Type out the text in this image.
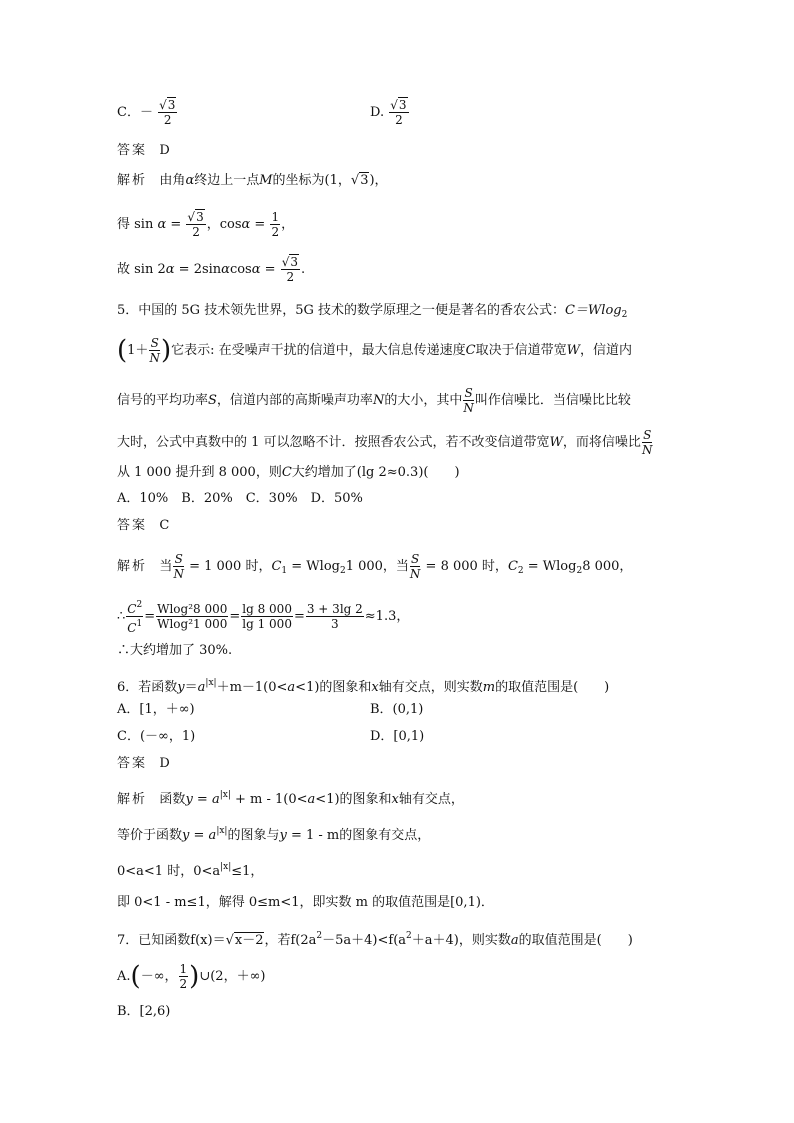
C．－ $\frac{√3}{2}$	D. $\frac{√3}{2}$
答案 D
解析 由角α终边上一点M的坐标为(1，√3)，
得 $\sin \alpha = \frac{√3}{2}$ ，$\cos\alpha = \frac{1}{2}$ ，
故 $\sin 2\alpha = 2\sin\alpha\cos\alpha = \frac{√3}{2}$ .
5．中国的 5G 技术领先世界，5G 技术的数学原理之一便是著名的香农公式：C＝Wlog$_2$
($1+ \frac{S}{N}$ )它表示: 在受噪声干扰的信道中，最大信息传递速度C取决于信道带宽W，信道内
信号的平均功率S，信道内部的高斯噪声功率N的大小，其中 $\frac{S}{N}$ 叫作信噪比．当信噪比比较
大时，公式中真数中的 1 可以忽略不计．按照香农公式，若不改变信道带宽W，而将信噪比 $\frac{S}{N}$
从 1 000 提升到 8 000，则C大约增加了(lg 2≈0.3)(　　)
A．10%　B．20%　C．30%　D．50%
答案 C
解析 当 $\frac{S}{N} = 1$ 000 时，$C_1 = Wlog_21$ 000，当 $\frac{S}{N} = 8$ 000 时，$C_2 = Wlog_28$ 000，
∴ $\frac{C^2}{C^1} = \frac{\text{Wlog²8 000}}{\text{Wlog²1 000}} = \frac{\lg 8 000}{\lg 1 000} = \frac{3 + 3\lg 2}{3} \approx 1.3$，
∴大约增加了 30%.
6．若函数$y=a^{|x|}+m-1(0<a<1)$的图象和x轴有交点，则实数m的取值范围是(　　)
A．[1，＋∞)	B．(0,1)
C．(－∞，1)	D．[0,1)
答案 D
解析 函数$y = a^{|x|} + m - 1(0<a<1)$的图象和x轴有交点，
等价于函数$y = a^{|x|}$的图象与y = 1 - m的图象有交点，
0<a<1 时，$0<a^{|x|}\le 1$，
即 0<1 - m≤1，解得 0≤m<1，即实数 m 的取值范围是[0,1)．
7．已知函数f(x)＝√x－2，若$f(2a^2-5a+4)<f(a^2+a+4)$，则实数a的取值范围是(　　)
A.(－∞， $\frac{1}{2}$ )∪(2，＋∞)
B．[2,6)
